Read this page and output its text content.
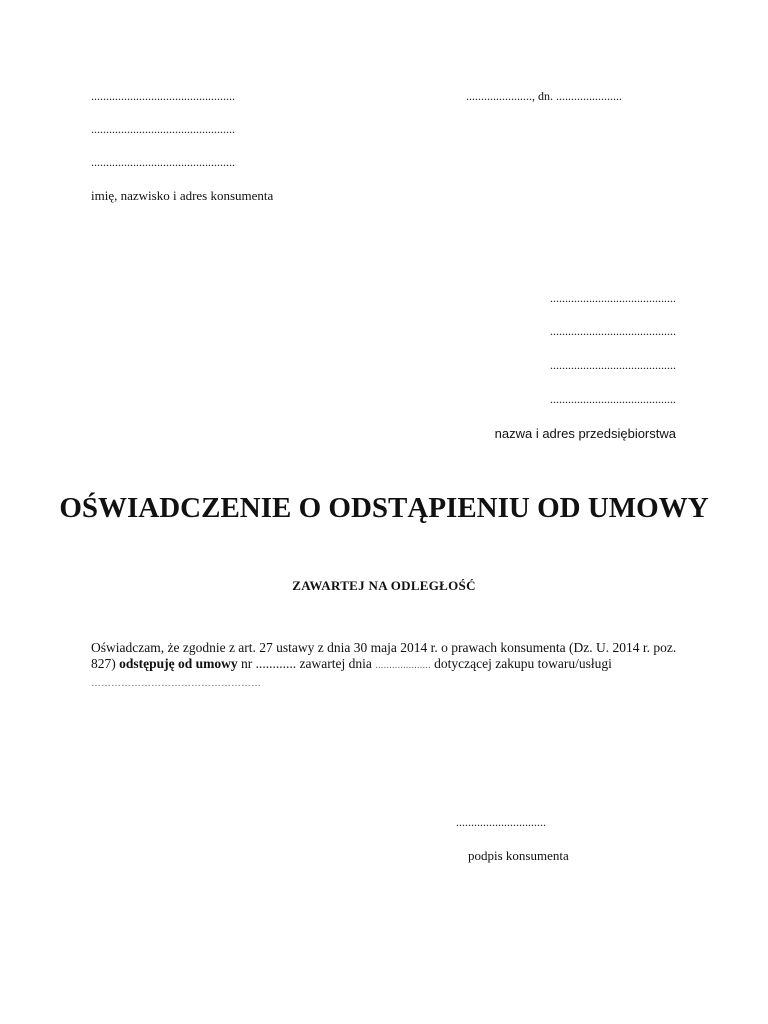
................................................
................................................
................................................
imię, nazwisko i adres konsumenta
......................, dn. ......................
..........................................
..........................................
..........................................
..........................................
nazwa i adres przedsiębiorstwa
OŚWIADCZENIE O ODSTĄPIENIU OD UMOWY
ZAWARTEJ NA ODLEGŁOŚĆ
Oświadczam, że zgodnie z art. 27 ustawy z dnia 30 maja 2014 r. o prawach konsumenta (Dz. U. 2014 r. poz. 827) odstępuję od umowy nr ............ zawartej dnia .................... dotyczącej zakupu towaru/usługi ……………………………………………
..............................
podpis konsumenta
